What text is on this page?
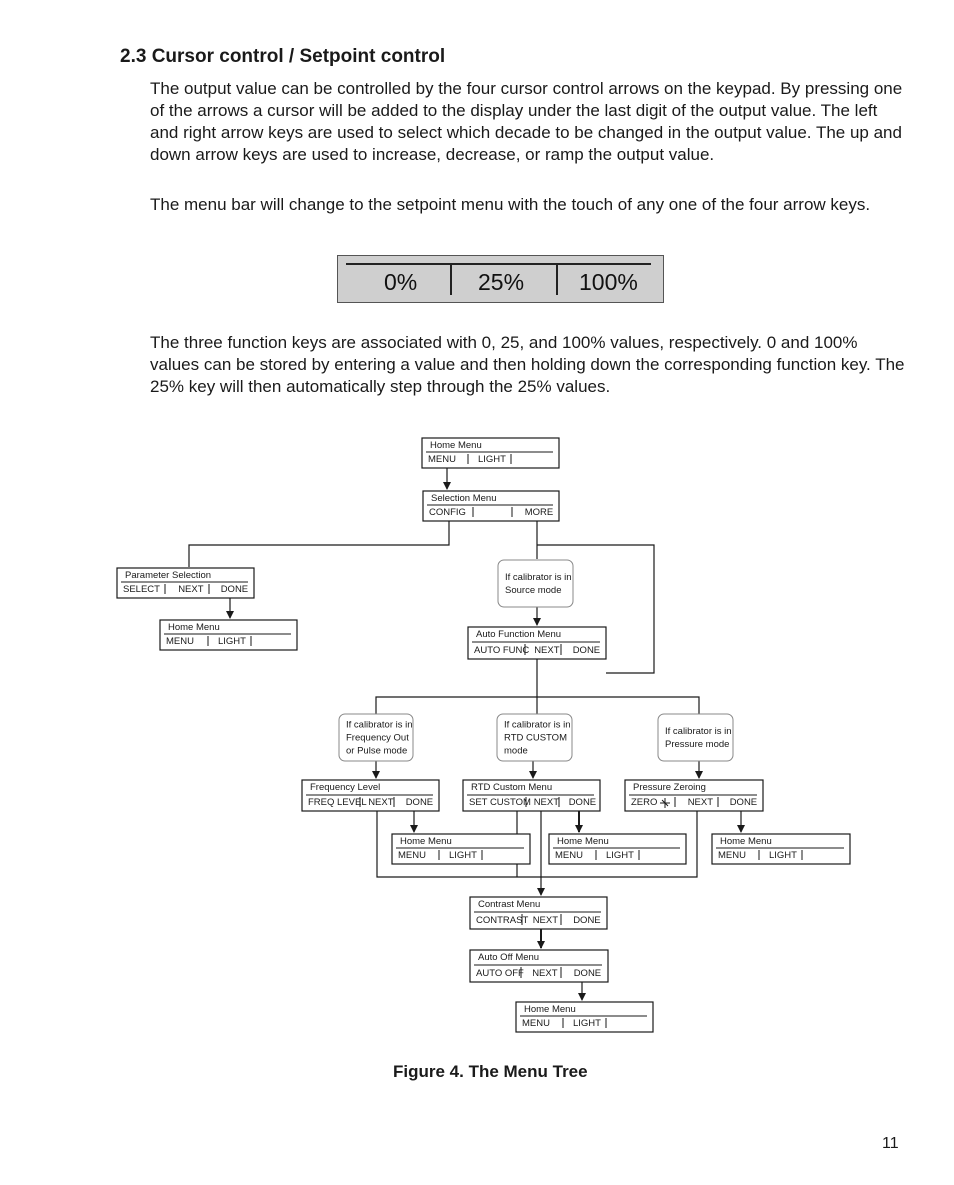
2.3 Cursor control / Setpoint control

The output value can be controlled by the four cursor control arrows on the keypad. By pressing one of the arrows a cursor will be added to the display under the last digit of the output value. The left and right arrow keys are used to select which decade to be changed in the output value. The up and down arrow keys are used to increase, decrease, or ramp the output value.

The menu bar will change to the setpoint menu with the touch of any one of the four arrow keys.

0%	25% 100%

The three function keys are associated with 0, 25, and 100% values, respectively. 0 and 100% values can be stored by entering a value and then holding down the corresponding function key. The 25% key will then automatically step through the 25% values.

Home Menu
MENU LIGHT
Selection Menu
CONFIG	MORE
Parameter Selection
SELECT NEXT DONE
Home Menu
MENU	LIGHT
Auto Function Menu
AUTO FUNC NEXT DONE
Frequency Level
FREQ LEVEL NEXT DONE
RTD Custom Menu
SET CUSTOM NEXT DONE
Pressure Zeroing
ZERO	NEXT DONE
Home Menu
MENU LIGHT
Home Menu
MENU LIGHT
Home Menu
MENU LIGHT
Contrast Menu
CONTRAST NEXT DONE
Auto Off Menu
AUTO OFF NEXT DONE
Home Menu
MENU LIGHT
If calibrator is in
Source mode
If calibrator is in
Frequency Out
or Pulse mode
If calibrator is in
RTD CUSTOM
mode
If calibrator is in
Pressure mode

Figure 4. The Menu Tree

11
